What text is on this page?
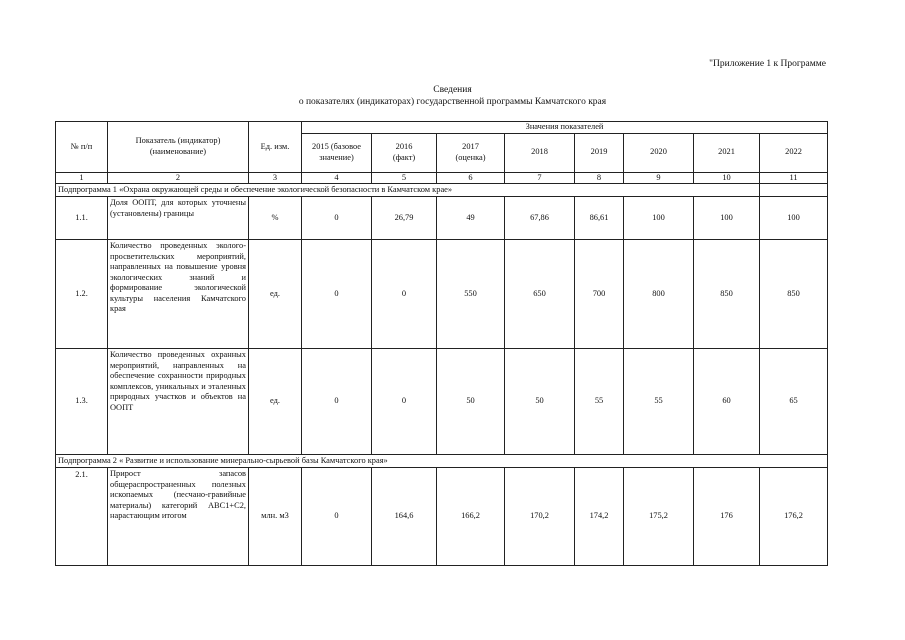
"Приложение 1 к Программе
Сведения
о показателях (индикаторах) государственной программы Камчатского края
№ п/п	Показатель (индикатор) (наименование)	Ед. изм.	Значения показателей							
			2015 (базовое значение)	2016 (факт)	2017 (оценка)	2018	2019	2020	2021	2022
1	2	3	4	5	6	7	8	9	10	11
Подпрограмма 1 «Охрана окружающей среды и обеспечение экологической безопасности в Камчатском крае»										
1.1.	Доля ООПТ, для которых уточнены (установлены) границы	%	0	26,79	49	67,86	86,61	100	100	100
1.2.	Количество проведенных эколого-просветительских мероприятий, направленных на повышение уровня экологических знаний и формирование экологической культуры населения Камчатского края	ед.	0	0	550	650	700	800	850	850
1.3.	Количество проведенных охранных мероприятий, направленных на обеспечение сохранности природных комплексов, уникальных и эталенных природных участков и объектов на ООПТ	ед.	0	0	50	50	55	55	60	65
Подпрограмма 2 « Развитие и использование минерально-сырьевой базы Камчатского края»										
2.1.	Прирост запасов общераспространенных полезных ископаемых (песчано-гравийные материалы) категорий АВС1+С2, нарастающим итогом	млн. м3	0	164,6	166,2	170,2	174,2	175,2	176	176,2
